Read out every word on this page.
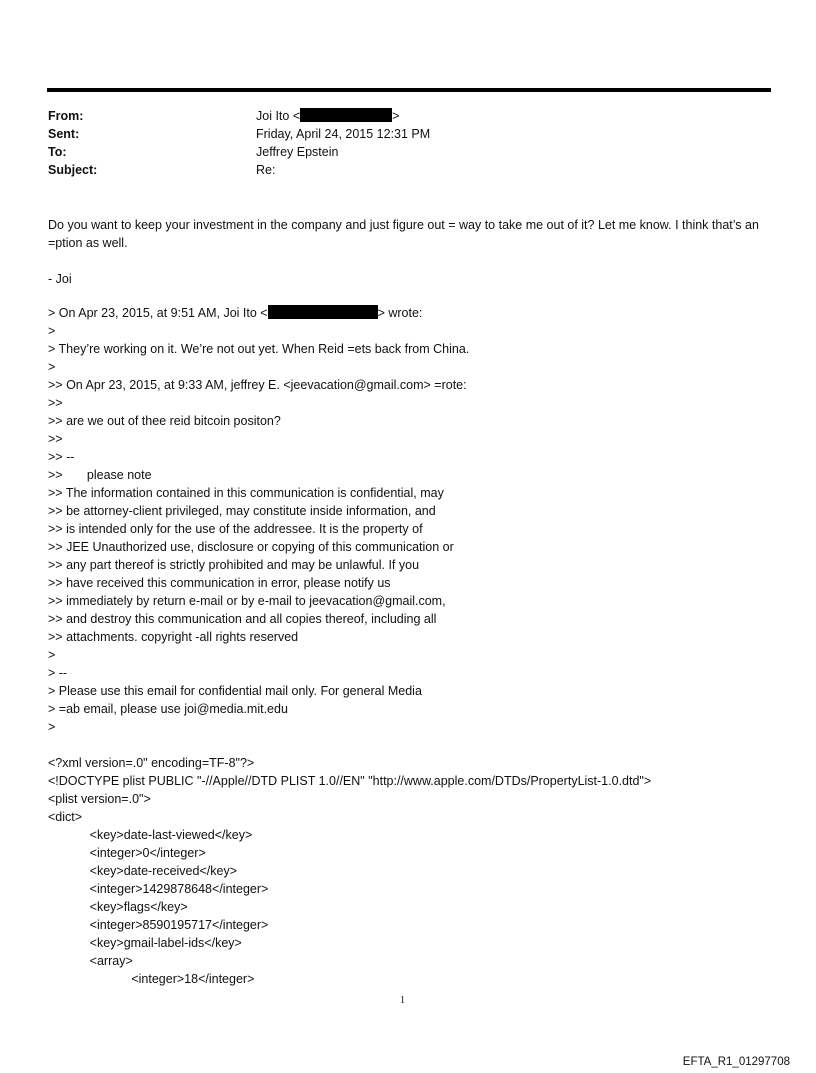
From:	Joi Ito <	>
Sent:	Friday, April 24, 2015 12:31 PM
To:	Jeffrey Epstein
Subject:	Re:
Do you want to keep your investment in the company and just figure out = way to take me out of it? Let me know. I think that’s an =ption as well.
- Joi
> On Apr 23, 2015, at 9:51 AM, Joi Ito <	> wrote:
>
> They’re working on it. We’re not out yet. When Reid =ets back from China.
>
>> On Apr 23, 2015, at 9:33 AM, jeffrey E. <jeevacation@gmail.com> =rote:
>>
>> are we out of thee reid bitcoin positon?
>>
>> --
>>       please note
>> The information contained in this communication is confidential, may
>> be attorney-client privileged, may constitute inside information, and
>> is intended only for the use of the addressee. It is the property of
>> JEE Unauthorized use, disclosure or copying of this communication or
>> any part thereof is strictly prohibited and may be unlawful. If you
>> have received this communication in error, please notify us
>> immediately by return e-mail or by e-mail to jeevacation@gmail.com,
>> and destroy this communication and all copies thereof, including all
>> attachments. copyright -all rights reserved
>
> --
> Please use this email for confidential mail only. For general Media
> =ab email, please use joi@media.mit.edu
>
<?xml version=.0" encoding=TF-8"?>
<!DOCTYPE plist PUBLIC "-//Apple//DTD PLIST 1.0//EN" "http://www.apple.com/DTDs/PropertyList-1.0.dtd">
<plist version=.0">
<dict>
<key>date-last-viewed</key>
<integer>0</integer>
<key>date-received</key>
<integer>1429878648</integer>
<key>flags</key>
<integer>8590195717</integer>
<key>gmail-label-ids</key>
<array>
<integer>18</integer>
1
EFTA_R1_01297708
